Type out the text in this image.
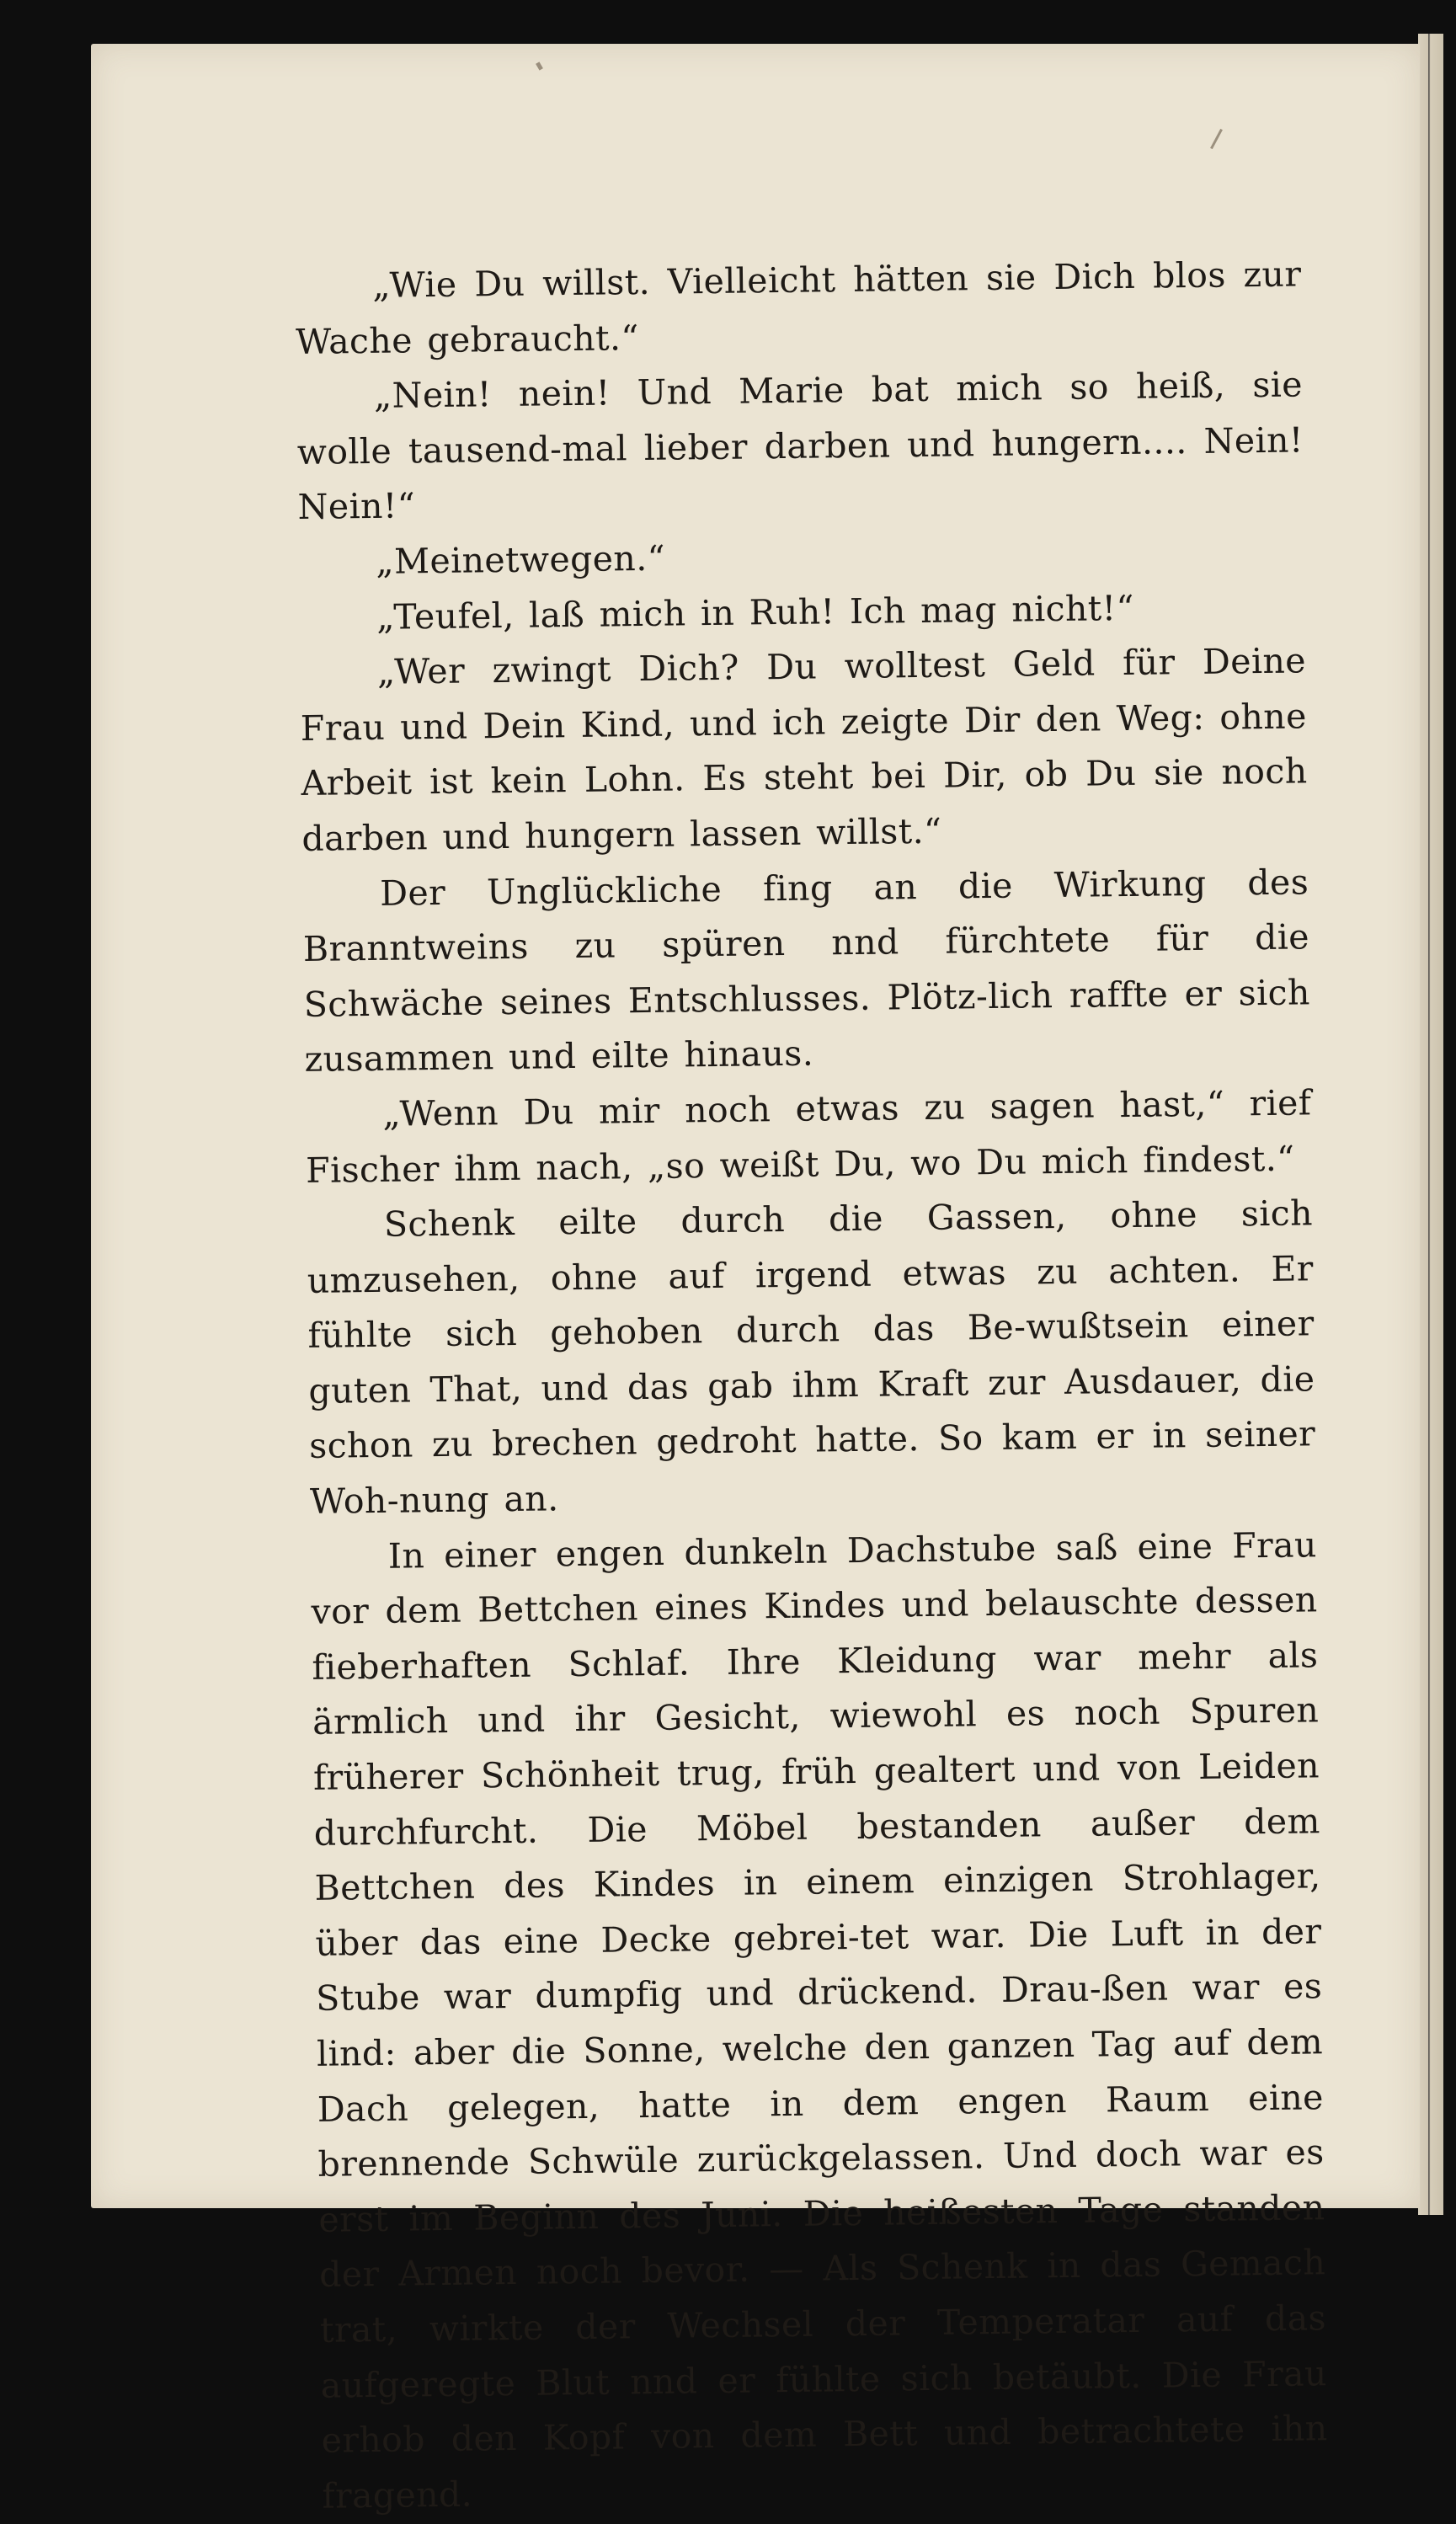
„Wie Du willst. Vielleicht hätten sie Dich blos zur Wache gebraucht.“

„Nein! nein! Und Marie bat mich so heiß, sie wolle tausend-mal lieber darben und hungern.... Nein! Nein!“

„Meinetwegen.“

„Teufel, laß mich in Ruh! Ich mag nicht!“

„Wer zwingt Dich? Du wolltest Geld für Deine Frau und Dein Kind, und ich zeigte Dir den Weg: ohne Arbeit ist kein Lohn. Es steht bei Dir, ob Du sie noch darben und hungern lassen willst.“

Der Unglückliche fing an die Wirkung des Branntweins zu spüren nnd fürchtete für die Schwäche seines Entschlusses. Plötz-lich raffte er sich zusammen und eilte hinaus.

„Wenn Du mir noch etwas zu sagen hast,“ rief Fischer ihm nach, „so weißt Du, wo Du mich findest.“

Schenk eilte durch die Gassen, ohne sich umzusehen, ohne auf irgend etwas zu achten. Er fühlte sich gehoben durch das Be-wußtsein einer guten That, und das gab ihm Kraft zur Ausdauer, die schon zu brechen gedroht hatte. So kam er in seiner Woh-nung an.

In einer engen dunkeln Dachstube saß eine Frau vor dem Bettchen eines Kindes und belauschte dessen fieberhaften Schlaf. Ihre Kleidung war mehr als ärmlich und ihr Gesicht, wiewohl es noch Spuren früherer Schönheit trug, früh gealtert und von Leiden durchfurcht. Die Möbel bestanden außer dem Bettchen des Kindes in einem einzigen Strohlager, über das eine Decke gebrei-tet war. Die Luft in der Stube war dumpfig und drückend. Drau-ßen war es lind: aber die Sonne, welche den ganzen Tag auf dem Dach gelegen, hatte in dem engen Raum eine brennende Schwüle zurückgelassen. Und doch war es erst im Beginn des Juni. Die heißesten Tage standen der Armen noch bevor. — Als Schenk in das Gemach trat, wirkte der Wechsel der Temperatar auf das aufgeregte Blut nnd er fühlte sich betäubt. Die Frau erhob den Kopf von dem Bett und betrachtete ihn fragend.
